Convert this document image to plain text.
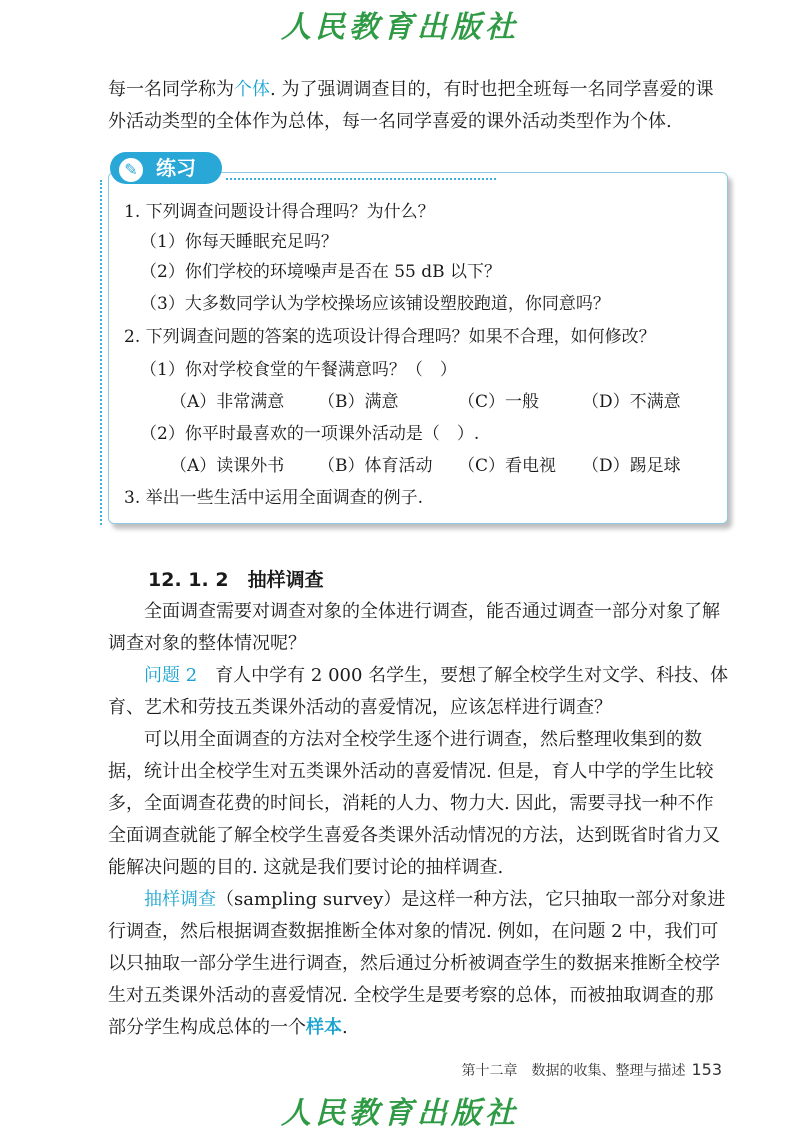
人民教育出版社

每一名同学称为个体. 为了强调调查目的，有时也把全班每一名同学喜爱的课外活动类型的全体作为总体，每一名同学喜爱的课外活动类型作为个体.

✎ 练习
1. 下列调查问题设计得合理吗？为什么？
（1）你每天睡眠充足吗？
（2）你们学校的环境噪声是否在 55 dB 以下？
（3）大多数同学认为学校操场应该铺设塑胶跑道，你同意吗？
2. 下列调查问题的答案的选项设计得合理吗？如果不合理，如何修改？
（1）你对学校食堂的午餐满意吗？（　）
（A）非常满意 （B）满意	（C）一般	（D）不满意
（2）你平时最喜欢的一项课外活动是（　）.
（A）读课外书 （B）体育活动 （C）看电视 （D）踢足球
3. 举出一些生活中运用全面调查的例子.
12. 1. 2　 抽样调查

全面调查需要对调查对象的全体进行调查，能否通过调查一部分对象了解调查对象的整体情况呢？

问题 2　 育人中学有 2 000 名学生，要想了解全校学生对文学、科技、体育、艺术和劳技五类课外活动的喜爱情况，应该怎样进行调查？

可以用全面调查的方法对全校学生逐个进行调查，然后整理收集到的数据，统计出全校学生对五类课外活动的喜爱情况. 但是，育人中学的学生比较多，全面调查花费的时间长，消耗的人力、物力大. 因此，需要寻找一种不作全面调查就能了解全校学生喜爱各类课外活动情况的方法，达到既省时省力又能解决问题的目的. 这就是我们要讨论的抽样调查.

抽样调查（sampling survey）是这样一种方法，它只抽取一部分对象进行调查，然后根据调查数据推断全体对象的情况. 例如，在问题 2 中，我们可以只抽取一部分学生进行调查，然后通过分析被调查学生的数据来推断全校学生对五类课外活动的喜爱情况. 全校学生是要考察的总体，而被抽取调查的那部分学生构成总体的一个样本.

第十二章　数据的收集、整理与描述 153
人民教育出版社
